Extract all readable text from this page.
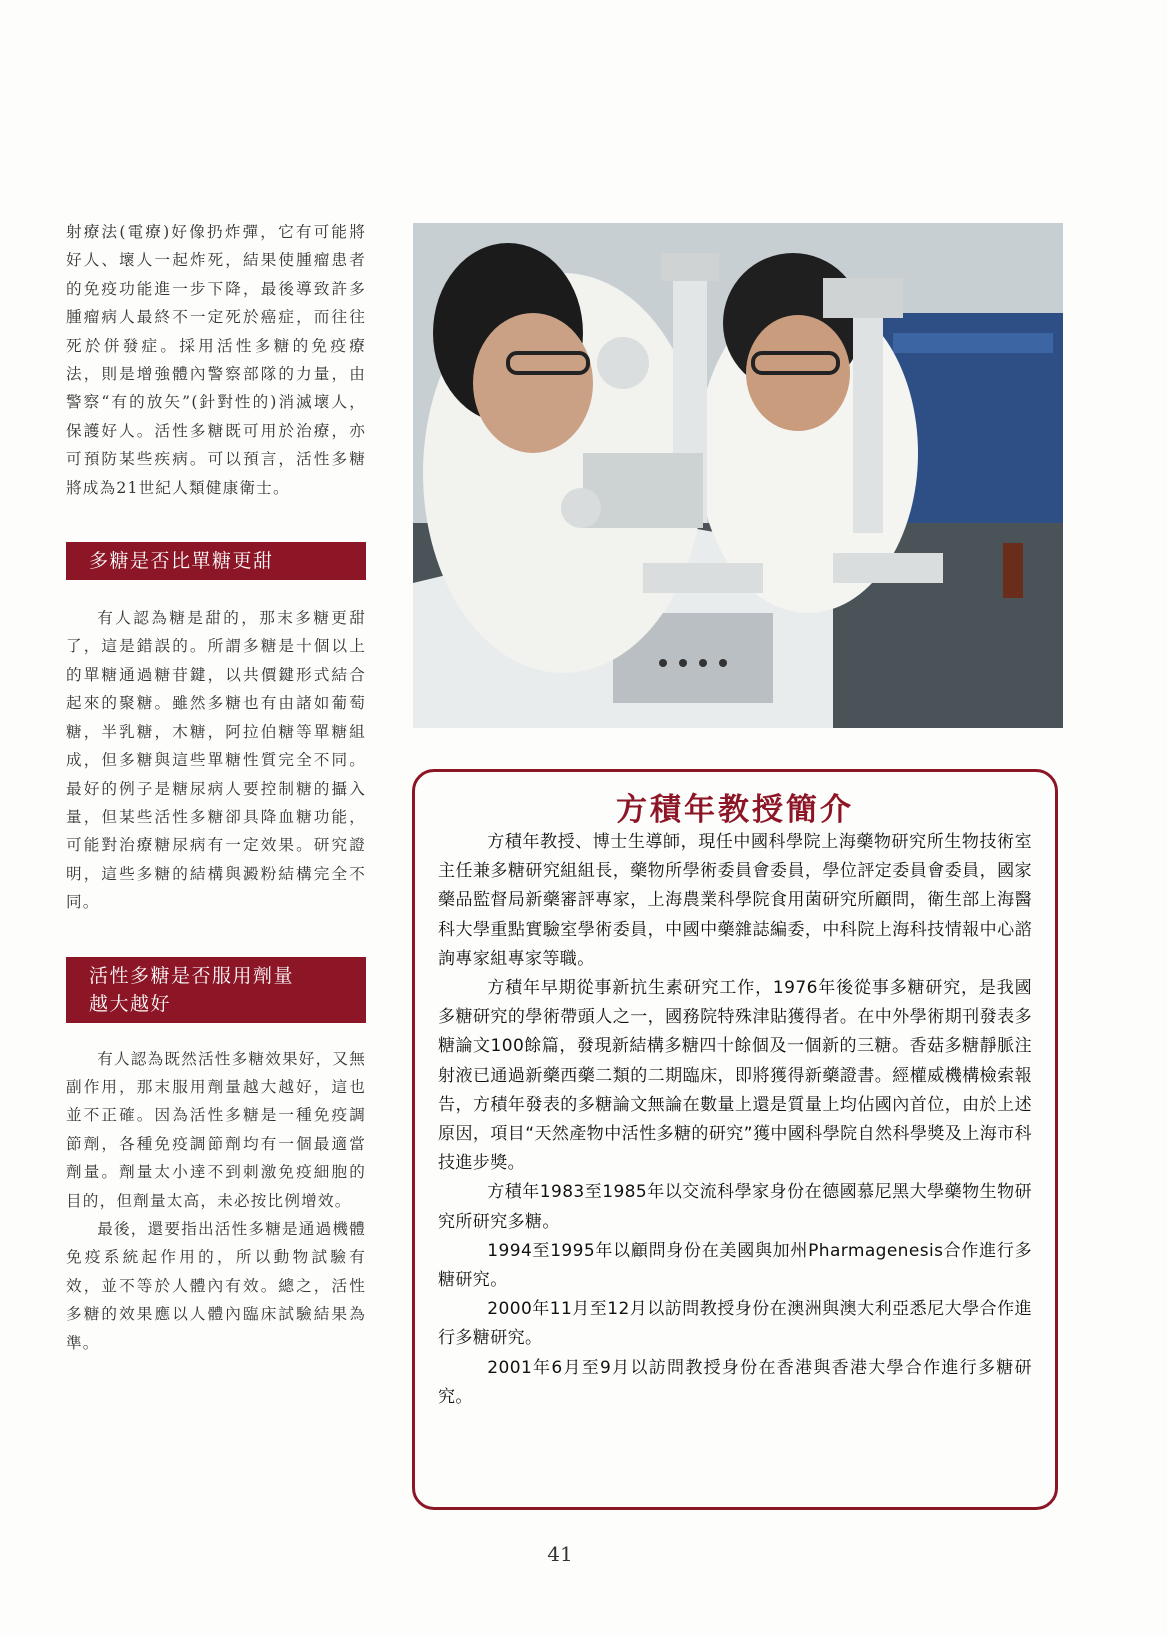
射療法(電療)好像扔炸彈，它有可能將好人、壞人一起炸死，結果使腫瘤患者的免疫功能進一步下降，最後導致許多腫瘤病人最終不一定死於癌症，而往往死於併發症。採用活性多糖的免疫療法，則是增強體內警察部隊的力量，由警察“有的放矢”(針對性的)消滅壞人，保護好人。活性多糖既可用於治療，亦可預防某些疾病。可以預言，活性多糖將成為21世紀人類健康衛士。

多糖是否比單糖更甜

有人認為糖是甜的，那末多糖更甜了，這是錯誤的。所謂多糖是十個以上的單糖通過糖苷鍵，以共價鍵形式結合起來的聚糖。雖然多糖也有由諸如葡萄糖，半乳糖，木糖，阿拉伯糖等單糖組成，但多糖與這些單糖性質完全不同。最好的例子是糖尿病人要控制糖的攝入量，但某些活性多糖卻具降血糖功能，可能對治療糖尿病有一定效果。研究證明，這些多糖的結構與澱粉結構完全不同。

活性多糖是否服用劑量
越大越好

有人認為既然活性多糖效果好，又無副作用，那末服用劑量越大越好，這也並不正確。因為活性多糖是一種免疫調節劑，各種免疫調節劑均有一個最適當劑量。劑量太小達不到刺激免疫細胞的目的，但劑量太高，未必按比例增效。

最後，還要指出活性多糖是通過機體免疫系統起作用的，所以動物試驗有效，並不等於人體內有效。總之，活性多糖的效果應以人體內臨床試驗結果為準。

方積年教授簡介

方積年教授、博士生導師，現任中國科學院上海藥物研究所生物技術室主任兼多糖研究組組長，藥物所學術委員會委員，學位評定委員會委員，國家藥品監督局新藥審評專家，上海農業科學院食用菌研究所顧問，衛生部上海醫科大學重點實驗室學術委員，中國中藥雜誌編委，中科院上海科技情報中心諮詢專家組專家等職。

方積年早期從事新抗生素研究工作，1976年後從事多糖研究，是我國多糖研究的學術帶頭人之一，國務院特殊津貼獲得者。在中外學術期刊發表多糖論文100餘篇，發現新結構多糖四十餘個及一個新的三糖。香菇多糖靜脈注射液已通過新藥西藥二類的二期臨床，即將獲得新藥證書。經權威機構檢索報告，方積年發表的多糖論文無論在數量上還是質量上均佔國內首位，由於上述原因，項目“天然產物中活性多糖的研究”獲中國科學院自然科學獎及上海市科技進步獎。

方積年1983至1985年以交流科學家身份在德國慕尼黑大學藥物生物研究所研究多糖。

1994至1995年以顧問身份在美國與加州Pharmagenesis合作進行多糖研究。

2000年11月至12月以訪問教授身份在澳洲與澳大利亞悉尼大學合作進行多糖研究。

2001年6月至9月以訪問教授身份在香港與香港大學合作進行多糖研究。

41
